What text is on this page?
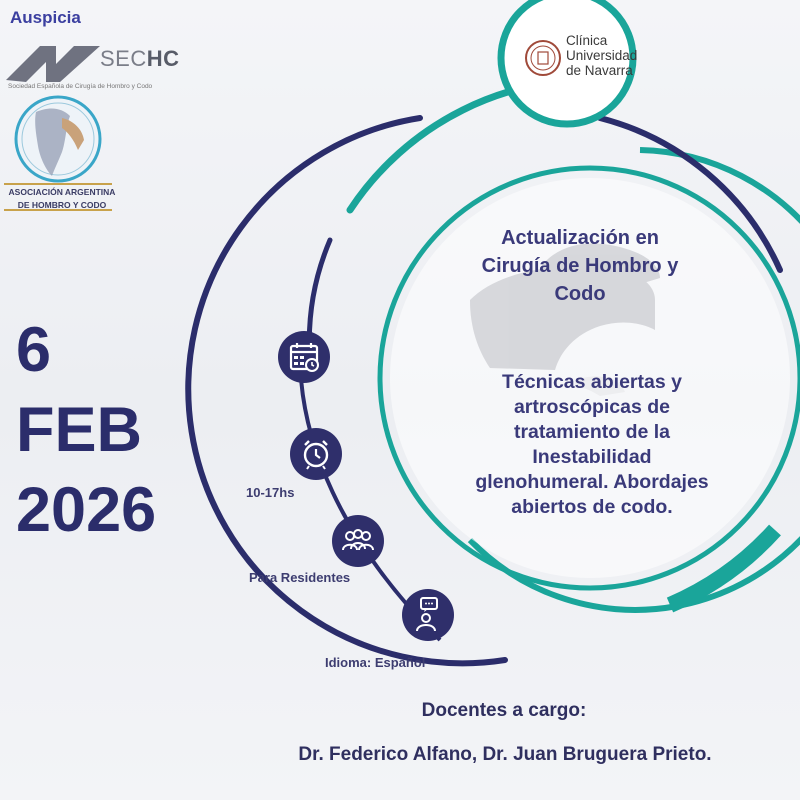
Auspicia
SECHC
Sociedad Española de Cirugía de Hombro y Codo
ASOCIACIÓN ARGENTINA
DE HOMBRO Y CODO
Clínica
Universidad
de Navarra
6
FEB
2026
Actualización en
Cirugía de Hombro y
Codo
Técnicas abiertas y
artroscópicas de
tratamiento de la
Inestabilidad
glenohumeral. Abordajes
abiertos de codo.
10-17hs
Para Residentes
Idioma: Español
Docentes a cargo:
Dr. Federico Alfano, Dr. Juan Bruguera Prieto.
